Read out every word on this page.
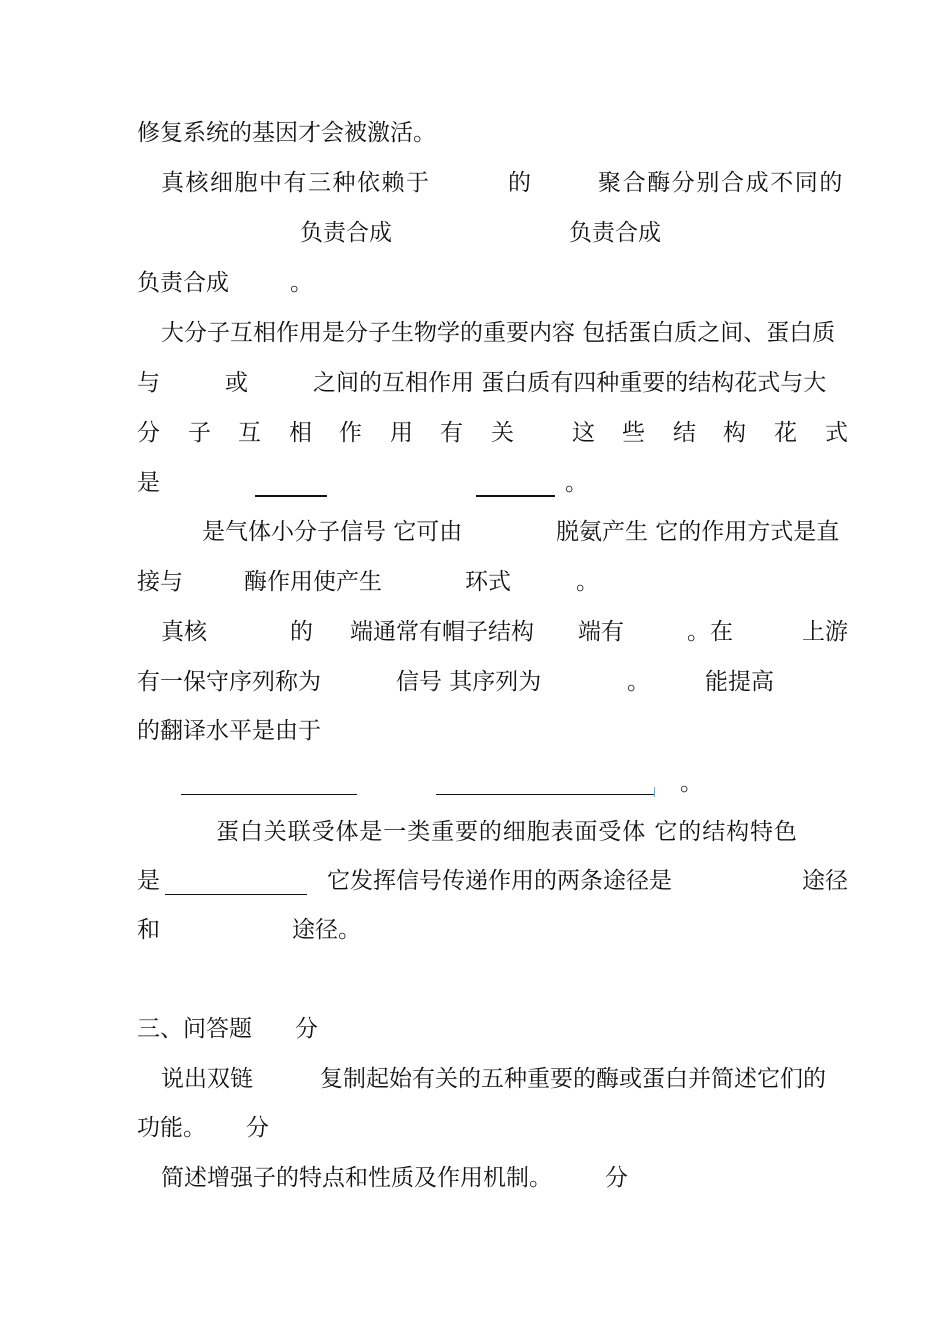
修复系统的基因才会被激活。
真核细胞中有三种依赖于	的	聚合酶分别合成不同的
负责合成	负责合成
负责合成	。
大分子互相作用是分子生物学的重要内容 包括蛋白质之间、蛋白质
与	或	之间的互相作用 蛋白质有四种重要的结构花式与大
分 子 互 相 作 用 有 关	这 些 结 构 花 式
是	。
是气体小分子信号 它可由	脱氨产生 它的作用方式是直
接与	酶作用使产生	环式	。
真核	的 端通常有帽子结构 端有	。在	上游
有一保守序列称为	信号 其序列为	。 能提高
的翻译水平是由于
。
蛋白关联受体是一类重要的细胞表面受体 它的结构特色
是	它发挥信号传递作用的两条途径是	途径
和	途径。
三、问答题 分
说出双链	复制起始有关的五种重要的酶或蛋白并简述它们的
功能。 分
简述增强子的特点和性质及作用机制。 分
